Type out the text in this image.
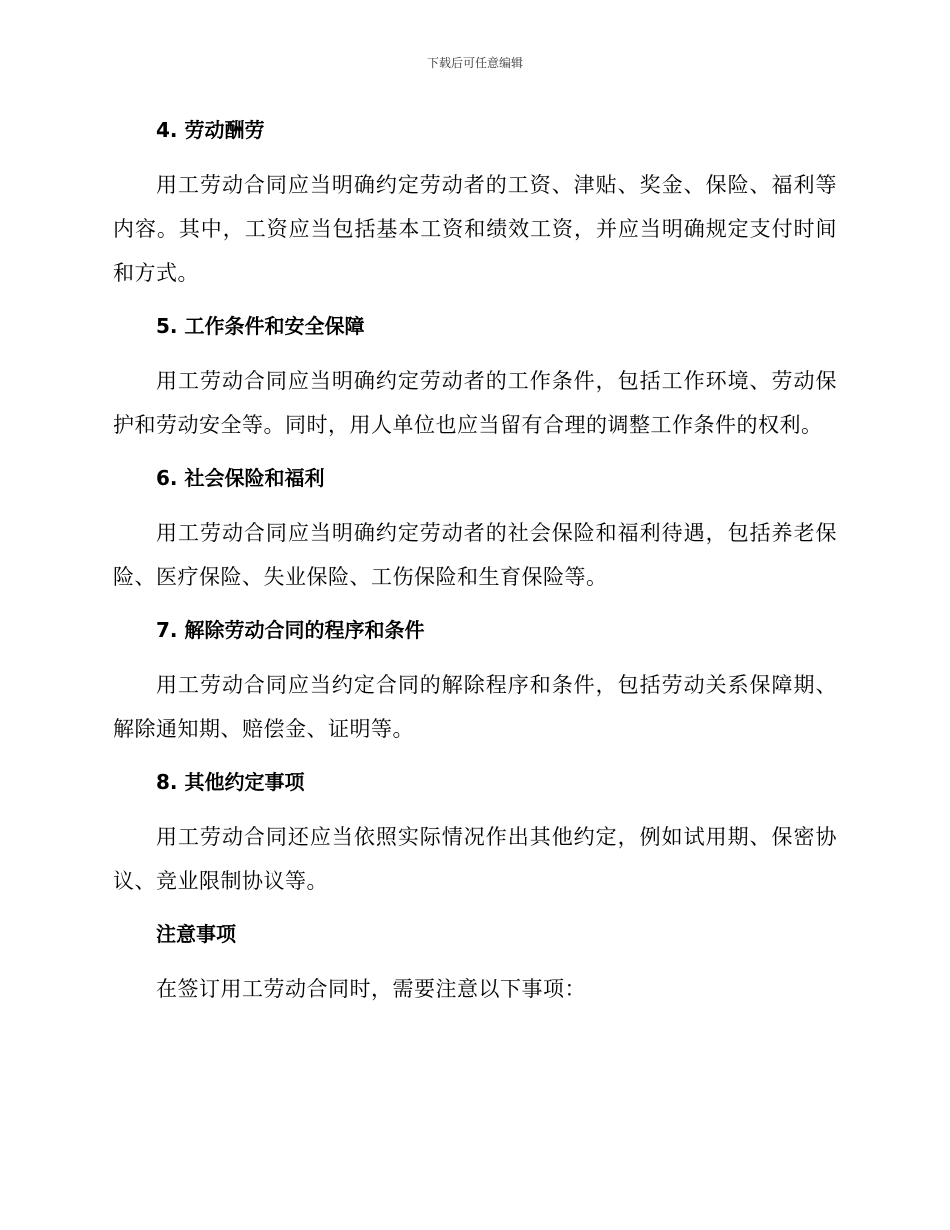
下载后可任意编辑
4. 劳动酬劳

用工劳动合同应当明确约定劳动者的工资、津贴、奖金、保险、福利等内容。其中，工资应当包括基本工资和绩效工资，并应当明确规定支付时间和方式。

5. 工作条件和安全保障

用工劳动合同应当明确约定劳动者的工作条件，包括工作环境、劳动保护和劳动安全等。同时，用人单位也应当留有合理的调整工作条件的权利。

6. 社会保险和福利

用工劳动合同应当明确约定劳动者的社会保险和福利待遇，包括养老保险、医疗保险、失业保险、工伤保险和生育保险等。

7. 解除劳动合同的程序和条件

用工劳动合同应当约定合同的解除程序和条件，包括劳动关系保障期、解除通知期、赔偿金、证明等。

8. 其他约定事项

用工劳动合同还应当依照实际情况作出其他约定，例如试用期、保密协议、竞业限制协议等。

注意事项

在签订用工劳动合同时，需要注意以下事项：
